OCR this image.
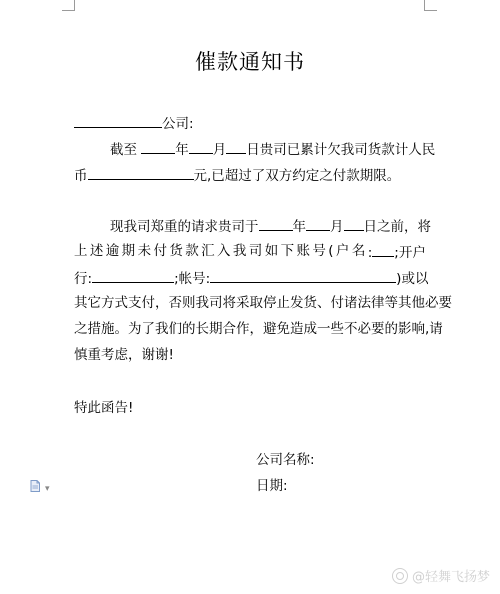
催款通知书
公司:
截至	年 月 日贵司已累计欠我司货款计人民
币	元,已超过了双方约定之付款期限。
现我司郑重的请求贵司于	年 月 日之前，将
上 述 逾 期 未 付 货 款 汇 入 我 司 如 下 账 号 ( 户 名 : ;开户
行:	;帐号:	)或以
其它方式支付，否则我司将采取停止发货、付诸法律等其他必要
之措施。为了我们的长期合作，避免造成一些不必要的影响,请
慎重考虑，谢谢!
特此函告!
公司名称:
日期:
▾
@轻舞飞扬梦
